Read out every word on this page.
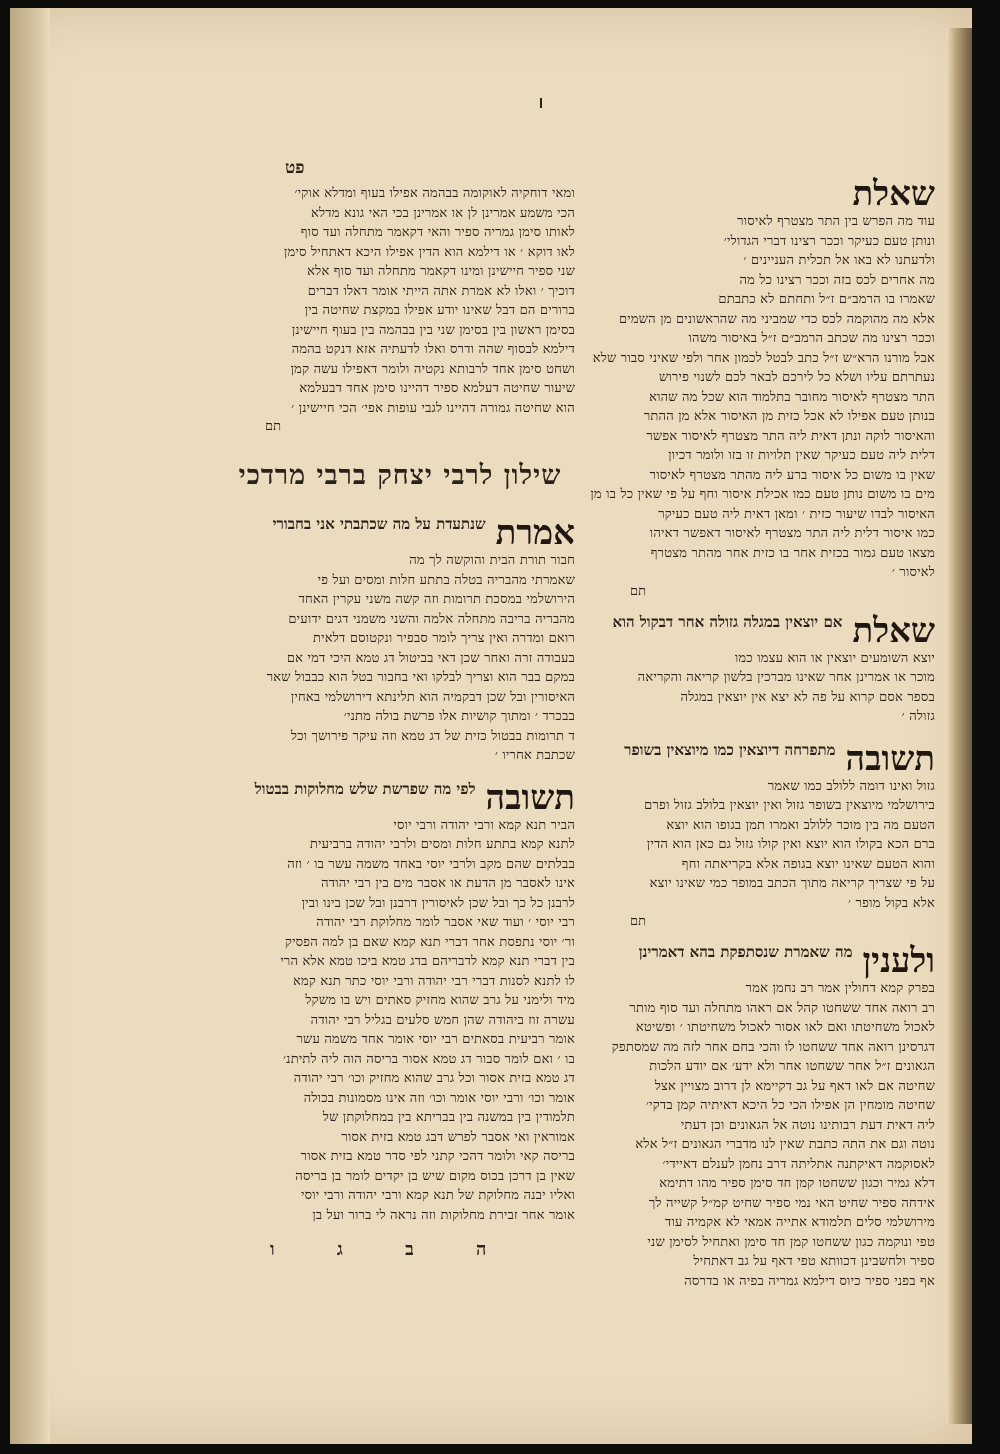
פט
ומאי דוחקיה לאוקומה בבהמה אפילו בעוף ומדלא אוקי׳
הכי משמע אמרינן לן או אמרינן בכי האי גונא מדלא
לאותו סימן גמריה ספיר והאי דקאמר מתחלה ועד סוף
לאו דוקא ׳ או דילמא הוא הדין אפילו היכא דאתחיל סימן
שני ספיר חיישינן ומינו דקאמר מתחלה ועד סוף אלא
דוכיך ׳ ואלו לא אמרת אתה הייתי אומר דאלו דברים
ברורים הם דבל שאינו יודע אפילו במקצת שחיטה בין
בסימן ראשון בין בסימן שני בין בבהמה בין בעוף חיישינן
דילמא לבסוף שהה ודרס ואלו לדעתיה אזא דנקט בהמה
ושחט סימן אחד לרבותא נקטיה ולומר דאפילו עשה קמן
שיעור שחיטה דעלמא ספיר דהיינו סימן אחד דבעלמא
הוא שחיטה גמורה דהיינו לגבי עופות אפי׳ הכי חיישינן ׳
תם
שילון לרבי יצחק ברבי מרדכי
אמרת
שנתעדת על מה שכתבתי אני בחבורי
חבור תורת הבית והוקשה לך מה
שאמרתי מהבריה בטלה בתתע חלות ומסים ועל פי
הירושלמי במסכת תרומות וזה קשה משני עקרין האחד
מהבריה בריבה מתחלה אלמה והשני משמני דגים ידועים
רואם ומדרה ואין צריך לומר סבפיר ונקטוסם דלאית
בעבודה זרה ואחר שכן דאי בביטול דג טמא היכי דמי אם
במקם בבר הוא וצריך לבלקו ואי בחבור בטל הוא כבבול שאר
האיסורין ובל שכן דבקמיה הוא תלינתא דירושלמי באחין
בבכרד ׳ ומתוך קושיות אלו פרשת בולה מתני׳
ד תרומות בבטול כזית של דג טמא וזה עיקר פירושך וכל
שכתבת אחריו ׳
תשובה
לפי מה שפרשת שלש מחלוקות בבטול
הביר תנא קמא ורבי יהודה ורבי יוסי
לתנא קמא בתתע חלות ומסים ולרבי יהודה ברביעית
בבלתים שהם מקב ולרבי יוסי באחד משמה עשר בו ׳ וזה
אינו לאסבר מן הדעת או אסבר מים בין רבי יהודה
לרבנן כל כך ובל שכן לאיסורין דרבנן ובל שכן בינו ובין
רבי יוסי ׳ ועוד שאי אסבר לומר מחלוקת רבי יהודה
ור׳ יוסי נתפסת אחר דברי תנא קמא שאם בן למה הפסיק
בין דברי תנא קמא לדבריהם בדג טמא ביכו טמא אלא הרי
לו לתנא לסנות דברי רבי יהודה ורבי יוסי כתר תנא קמא
מיד ולימני על גרב שהוא מחזיק סאתים ויש בו משקל
עשרה זוז ביהודה שהן חמש סלעים בגליל רבי יהודה
אומר רביעית בסאתים רבי יוסי אומר אחד משמה עשר
בו ׳ ואם לומר סבור דג טמא אסור בריסה הוה ליה לתיתנ׳
דג טמא בזית אסור וכל גרב שהוא מחזיק וכו׳ רבי יהודה
אומר וכו׳ ורבי יוסי אומר וכו׳ וזה אינו מסמונות בכולה
תלמודין בין במשנה בין בבריתא בין במחלוקתן של
אמוראין ואי אסבר לפרש דבג טמא בזית אסור
בריסה קאי ולומר דהכי קתני לפי סדר טמא בזית אסור
שאין בן דרכן בכוס מקום שיש בן יקדים לומר בן בריסה
ואליו יבנה מחלוקת של תנא קמא ורבי יהודה ורבי יוסי
אומר אחר זבירת מחלוקות וזה נראה לי ברור ועל בן
ה ב ג ו
שאלת
עוד מה הפרש בין התר מצטרף לאיסור
ונותן טעם כעיקר וככר רצינו דברי הגדולי׳
ולדעתנו לא באו אל תכלית העניינים ׳
מה אחרים לכס בזה וככר רצינו כל מה
שאמרו בו הרמב״ם ז״ל ותחתם לא כתבתם
אלא מה מהוקמה לכס כדי שמביני מה שהראשונים מן השמים
וככר רצינו מה שכתב הרמב״ם ז״ל באיסור משהו
אבל מורנו הרא״ש ז״ל כתב לבטל לכמון אחר ולפי שאיני סבור שלא
נעתרתם עליו ושלא כל לירכם לבאר לכם לשנוי פירוש
התר מצטרף לאיסור מחובר בתלמוד הוא שכל מה שהוא
בנותן טעם אפילו לא אכל כזית מן האיסור אלא מן ההתר
והאיסור לוקה ונתן דאית ליה התר מצטרף לאיסור אפשר
דלית ליה טעם כעיקר שאין תלויות זו בזו ולומר דכיון
שאין בו משום כל איסור ברע ליה מהתר מצטרף לאיסור
מים בו משום נותן טעם כמו אכילת איסור וחף על פי שאין כל בו מן
האיסור לבדו שיעור כזית ׳ ומאן דאית ליה טעם כעיקר
כמו איסור דלית ליה התר מצטרף לאיסור דאפשר דאיהו
מצאו טעם גמור בכזית אחר בו כזית אחר מהתר מצטרף
לאיסור ׳
תם
שאלת
אם יוצאין במגלה גזולה אחר דבקול הוא
יוצא השומעים יוצאין או הוא עצמו כמו
מוכר או אמרינן אחר שאינו מברכין בלשון קריאה והקריאה
בספר אסם קרוא על פה לא יצא אין יוצאין במגלה
גזולה ׳
תשובה
מתפרחה דיוצאין כמו מיוצאין בשופר
גזול ואינו דומה ללולב כמו שאמר
בירושלמי מיוצאין בשופר גזול ואין יוצאין בלולב גזול ופרם
הטעם מה בין מוכר ללולב ואמרו תמן בגופו הוא יוצא
ברם הכא בקולו הוא יוצא ואין קולו גזול גם כאן הוא הדין
והוא הטעם שאינו יוצא בגופה אלא בקריאתה וחף
על פי שצריך קריאה מתוך הכתב במופר כמי שאינו יוצא
אלא בקול מופר ׳
תם
ולענין
מה שאמרת שנסתפקת בהא דאמרינן
בפרק קמא דחולין אמר רב נחמן אמר
רב רואה אחד ששחטו קהל אם ראהו מתחלה ועד סוף מותר
לאכול משחיטתו ואם לאו אסור לאכול משחיטתו ׳ ופשיטא
דגרסינן רואה אחד ששחטו לו והכי בחם אחר לזה מה שמסתפק
הגאונים ז״ל אחר ששחטו אחר ולא ידע׳ אם יודע הלכות
שחיטה אם לאו דאף על גב דקיימא לן דרוב מצויין אצל
שחיטה מומחין הן אפילו הכי כל היכא דאיתיה קמן בדקי׳
ליה דאית דעת רבותינו נוטה אל הגאונים וכן דעתי
נוטה וגם את התה כתבת שאין לנו מדברי הגאונים ז״ל אלא
לאסוקמה דאיקתנה אתליתה דרב נחמן לענלם דאיידי׳
דלא גמיר וכגון ששחטו קמן חד סימן ספיר מהו דתימא
אידחה ספיר שחיט האי נמי ספיר שחיט קמ״ל קשייה לך
מירושלמי סלים תלמודא אתייה אמאי לא אקמיה עוד
טפי ונוקמה כגון ששחטו קמן חד סימן ואתחיל לסימן שני
ספיר ולחשבינן דכוותא טפי דאף על גב דאתחיל
אף בפני ספיר כיוס דילמא גמריה בפיה או בדרסה
